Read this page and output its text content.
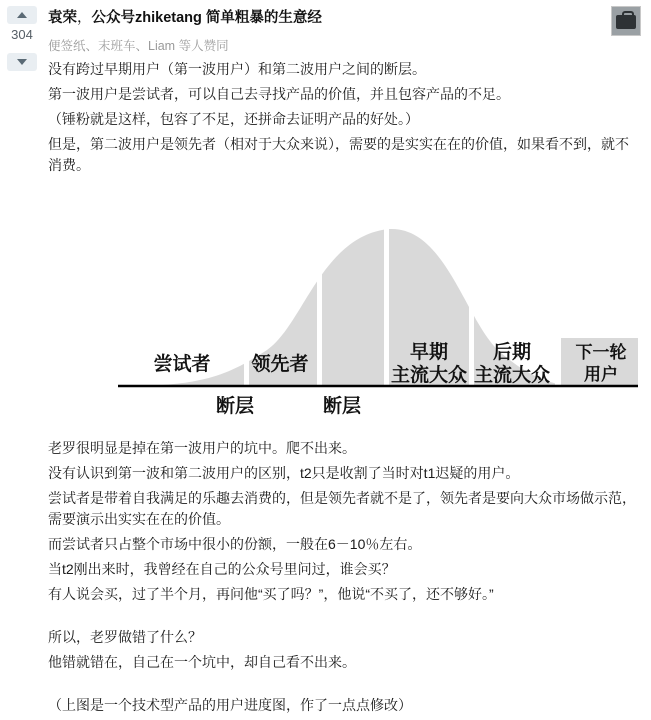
304
袁荣，公众号zhiketang 简单粗暴的生意经
便签纸、末班车、Liam 等人赞同

没有跨过早期用户（第一波用户）和第二波用户之间的断层。

第一波用户是尝试者，可以自己去寻找产品的价值，并且包容产品的不足。

（锤粉就是这样，包容了不足，还拼命去证明产品的好处。）

但是，第二波用户是领先者（相对于大众来说），需要的是实实在在的价值，如果看不到，就不消费。

尝试者 领先者
早期
主流大众
后期
主流大众
下一轮
用户
断层	断层

老罗很明显是掉在第一波用户的坑中。爬不出来。

没有认识到第一波和第二波用户的区别，t2只是收割了当时对t1迟疑的用户。

尝试者是带着自我满足的乐趣去消费的，但是领先者就不是了，领先者是要向大众市场做示范，需要演示出实实在在的价值。

而尝试者只占整个市场中很小的份额，一般在6－10％左右。

当t2刚出来时，我曾经在自己的公众号里问过，谁会买？

有人说会买，过了半个月，再问他“买了吗？”，他说“不买了，还不够好。”

所以，老罗做错了什么？

他错就错在，自己在一个坑中，却自己看不出来。

（上图是一个技术型产品的用户进度图，作了一点点修改）
